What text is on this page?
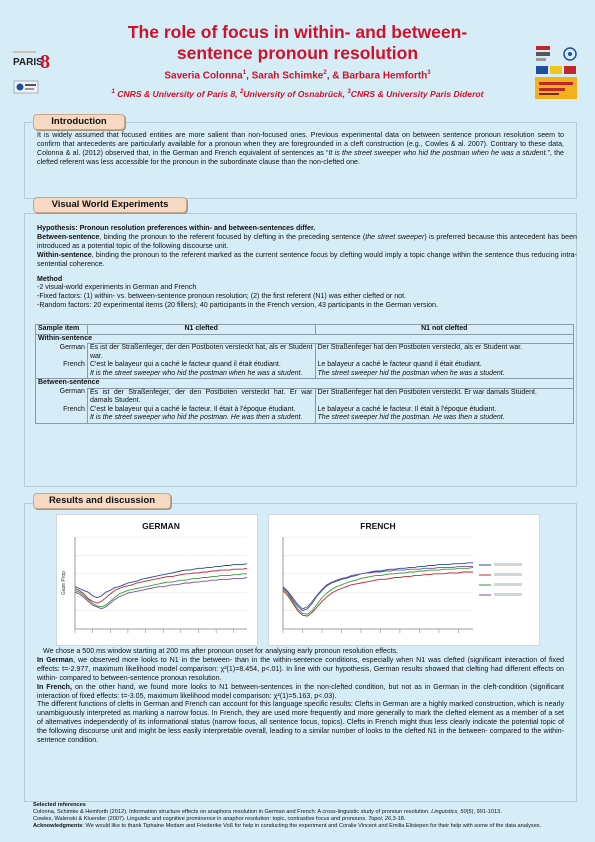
The role of focus in within- and between-sentence pronoun resolution
Saveria Colonna$^1$, Sarah Schimke$^2$, & Barbara Hemforth$^3$
$^1$ CNRS & University of Paris 8, $^2$University of Osnabrück, $^3$CNRS & University Paris Diderot
PARIS
8
Introduction
It is widely assumed that focused entities are more salient than non-focused ones. Previous experimental data on between sentence pronoun resolution seem to confirm that antecedents are particularly available for a pronoun when they are foregrounded in a cleft construction (e.g., Cowles & al. 2007). Contrary to these data, Colonna & al. (2012) observed that, in the German and French equivalent of sentences as “It is the street sweeper who hid the postman when he was a student.”, the clefted referent was less accessible for the pronoun in the subordinate clause than the non-clefted one.
Visual World Experiments
Hypothesis: Pronoun resolution preferences within- and between-sentences differ.
Between-sentence, binding the pronoun to the referent focused by clefting in the preceding sentence (the street sweeper) is preferred because this antecedent has been introduced as a potential topic of the following discourse unit.
Within-sentence, binding the pronoun to the referent marked as the current sentence focus by clefting would imply a topic change within the sentence thus reducing intra-sentential coherence.
Method
-2 visual-world experiments in German and French
-Fixed factors: (1) within- vs. between-sentence pronoun resolution; (2) the first referent (N1) was either clefted or not.
-Random factors: 20 experimental items (20 fillers); 40 participants in the French version, 43 participants in the German version.
Sample item	N1 clefted	N1 not clefted
Within-sentence		
German	Es ist der Straßenfeger, der den Postboten versteckt hat, als er Student war.	Der Straßenfeger hat den Postboten versteckt, als er Student war.
French	C'est le balayeur qui a caché le facteur quand il était étudiant.	Le balayeur a caché le facteur quand il était étudiant.
	It is the street sweeper who hid the postman when he was a student.	The street sweeper hid the postman when he was a student.
Between-sentence		
German	Es ist der Straßenfeger, der den Postboten versteckt hat. Er war damals Student.	Der Straßenfeger hat den Postboten versteckt. Er war damals Student.
French	C'est le balayeur qui a caché le facteur. Il était à l'époque étudiant.	Le balayeur a caché le facteur. Il était à l'époque étudiant.
	It is the street sweeper who hid the postman. He was then a student.	The street sweeper hid the postman. He was then a student.
Results and discussion
GERMAN
Gaze Prop
FRENCH
We chose a 500 ms window starting at 200 ms after pronoun onset for analysing early pronoun resolution effects.
In German, we observed more looks to N1 in the between- than in the within-sentence conditions, especially when N1 was clefted (significant interaction of fixed effects: t=-2.977, maximum likelihood model comparison: χ²(1)=8.454, p<.01). In line with our hypothesis, German results showed that clefting had different effects on within- compared to between-sentence pronoun resolution.
In French, on the other hand, we found more looks to N1 between-sentences in the non-clefted condition, but not as in German in the cleft-condition (significant interaction of fixed effects: t=-3.05, maximum likelihood model comparison: χ²(1)=5.163, p<.03).
The different functions of clefts in German and French can account for this language specific results: Clefts in German are a highly marked construction, which is nearly unambiguously interpreted as marking a narrow focus. In French, they are used more frequently and more generally to mark the clefted element as a member of a set of alternatives independently of its informational status (narrow focus, all sentence focus, topics). Clefts in French might thus less clearly indicate the potential topic of the following discourse unit and might be less easily interpretable overall, leading to a similar number of looks to the clefted N1 in the between- compared to the within-sentence condition.
Selected references
Colonna, Schimke & Hemforth (2012). Information structure effects on anaphora resolution in German and French: A cross-linguistic study of pronoun resolution. Linguistics, 50(5), 991-1013.
Cowles, Walenski & Kluender (2007). Linguistic and cognitive prominence in anaphor resolution: topic, contrastive focus and pronouns. Topoi, 26,3-18.
Acknowledgments: We would like to thank Tiphaine Medam and Friederike Voß for help in conducting the experiment and Coralie Vincent and Emilia Elisiepen for their help with some of the data analyses.
